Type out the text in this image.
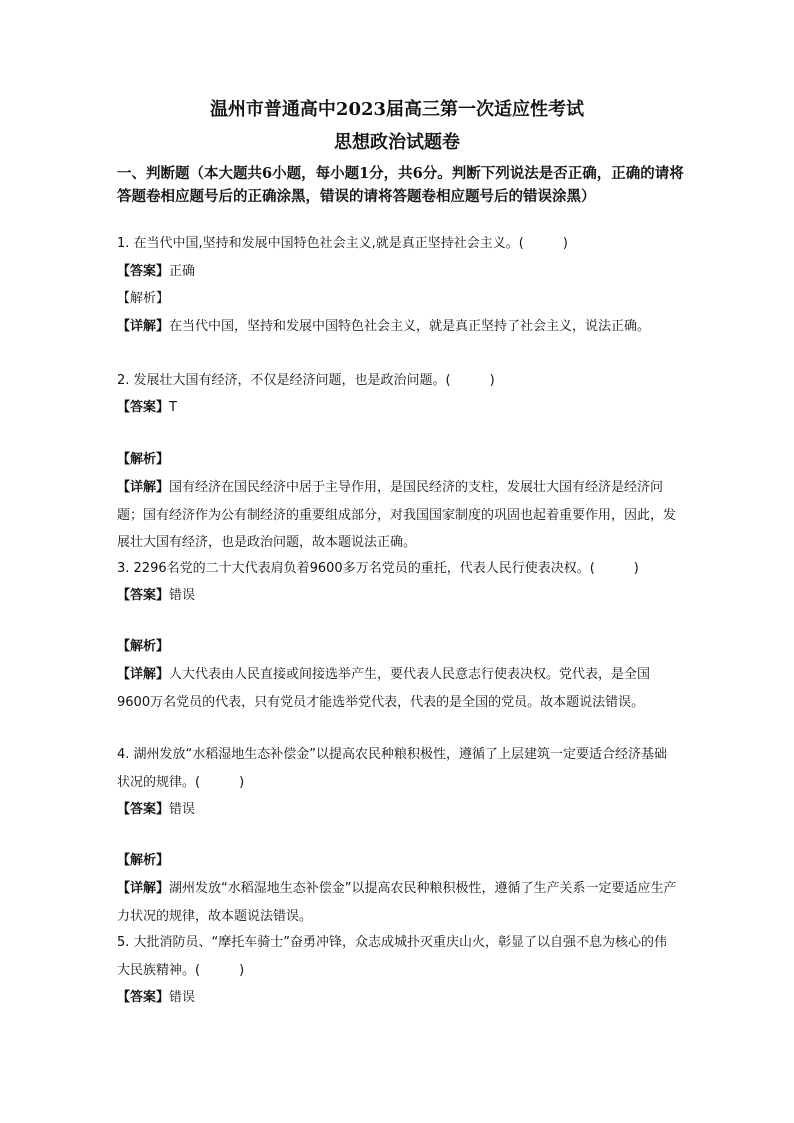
温州市普通高中2023届高三第一次适应性考试
思想政治试题卷
一、判断题（本大题共6小题，每小题1分，共6分。判断下列说法是否正确，正确的请将答题卷相应题号后的正确涂黑，错误的请将答题卷相应题号后的错误涂黑）
1. 在当代中国,坚持和发展中国特色社会主义,就是真正坚持社会主义。(　　　)
【答案】正确
【解析】
【详解】在当代中国，坚持和发展中国特色社会主义，就是真正坚持了社会主义，说法正确。
2. 发展壮大国有经济，不仅是经济问题，也是政治问题。(　　　)
【答案】T
【解析】
【详解】国有经济在国民经济中居于主导作用，是国民经济的支柱，发展壮大国有经济是经济问题；国有经济作为公有制经济的重要组成部分，对我国国家制度的巩固也起着重要作用，因此，发展壮大国有经济，也是政治问题，故本题说法正确。
3. 2296名党的二十大代表肩负着9600多万名党员的重托，代表人民行使表决权。(　　　)
【答案】错误
【解析】
【详解】人大代表由人民直接或间接选举产生，要代表人民意志行使表决权。党代表，是全国9600万名党员的代表，只有党员才能选举党代表，代表的是全国的党员。故本题说法错误。
4. 湖州发放“水稻湿地生态补偿金”以提高农民种粮积极性，遵循了上层建筑一定要适合经济基础状况的规律。(　　　)
【答案】错误
【解析】
【详解】湖州发放“水稻湿地生态补偿金”以提高农民种粮积极性，遵循了生产关系一定要适应生产力状况的规律，故本题说法错误。
5. 大批消防员、“摩托车骑士”奋勇冲锋，众志成城扑灭重庆山火，彰显了以自强不息为核心的伟大民族精神。(　　　)
【答案】错误
